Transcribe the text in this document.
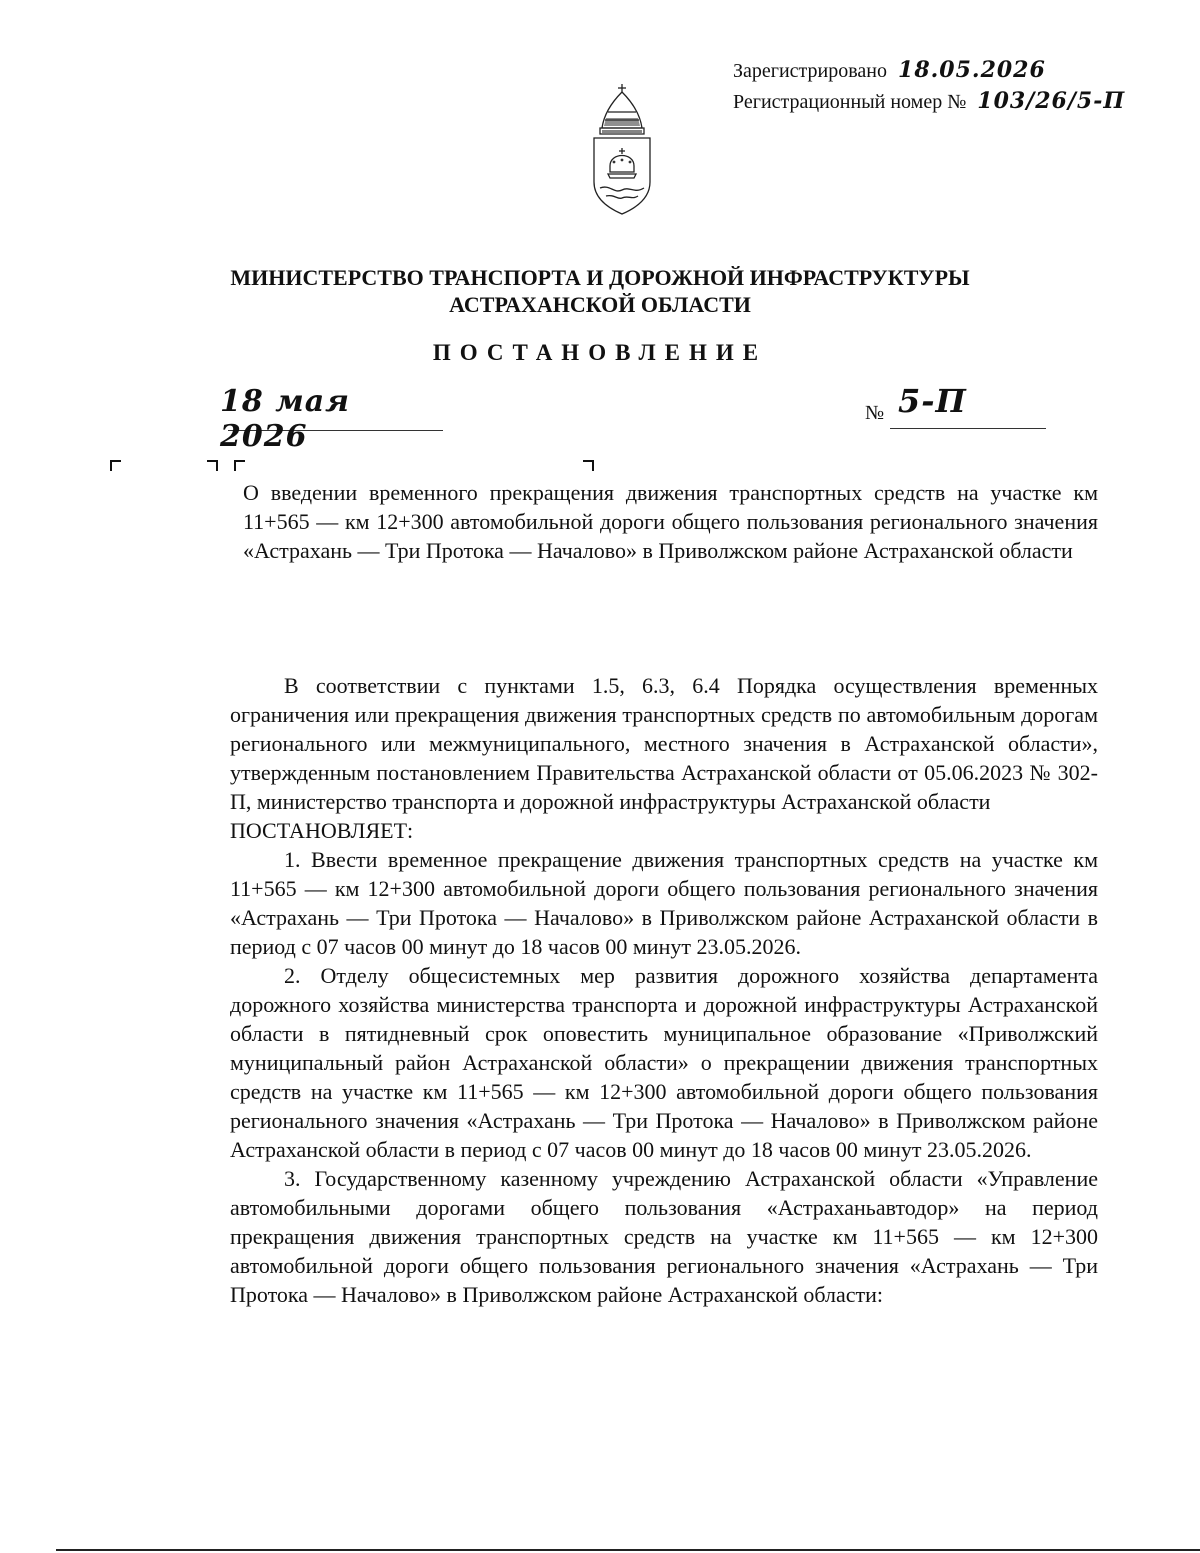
Зарегистрировано 18.05.2026
Регистрационный номер № 103/26/5-П
МИНИСТЕРСТВО ТРАНСПОРТА И ДОРОЖНОЙ ИНФРАСТРУКТУРЫ
АСТРАХАНСКОЙ ОБЛАСТИ
ПОСТАНОВЛЕНИЕ
18 мая 2026
№ 5-П
О введении временного прекращения движения транспортных средств на участке км 11+565 — км 12+300 автомобильной дороги общего пользования регионального значения «Астрахань — Три Протока — Началово» в Приволжском районе Астраханской области

В соответствии с пунктами 1.5, 6.3, 6.4 Порядка осуществления временных ограничения или прекращения движения транспортных средств по автомобильным дорогам регионального или межмуниципального, местного значения в Астраханской области», утвержденным постановлением Правительства Астраханской области от 05.06.2023 № 302-П, министерство транспорта и дорожной инфраструктуры Астраханской области

ПОСТАНОВЛЯЕТ:

1. Ввести временное прекращение движения транспортных средств на участке км 11+565 — км 12+300 автомобильной дороги общего пользования регионального значения «Астрахань — Три Протока — Началово» в Приволжском районе Астраханской области в период с 07 часов 00 минут до 18 часов 00 минут 23.05.2026.

2. Отделу общесистемных мер развития дорожного хозяйства департамента дорожного хозяйства министерства транспорта и дорожной инфраструктуры Астраханской области в пятидневный срок оповестить муниципальное образование «Приволжский муниципальный район Астраханской области» о прекращении движения транспортных средств на участке км 11+565 — км 12+300 автомобильной дороги общего пользования регионального значения «Астрахань — Три Протока — Началово» в Приволжском районе Астраханской области в период с 07 часов 00 минут до 18 часов 00 минут 23.05.2026.

3. Государственному казенному учреждению Астраханской области «Управление автомобильными дорогами общего пользования «Астраханьавтодор» на период прекращения движения транспортных средств на участке км 11+565 — км 12+300 автомобильной дороги общего пользования регионального значения «Астрахань — Три Протока — Началово» в Приволжском районе Астраханской области:
